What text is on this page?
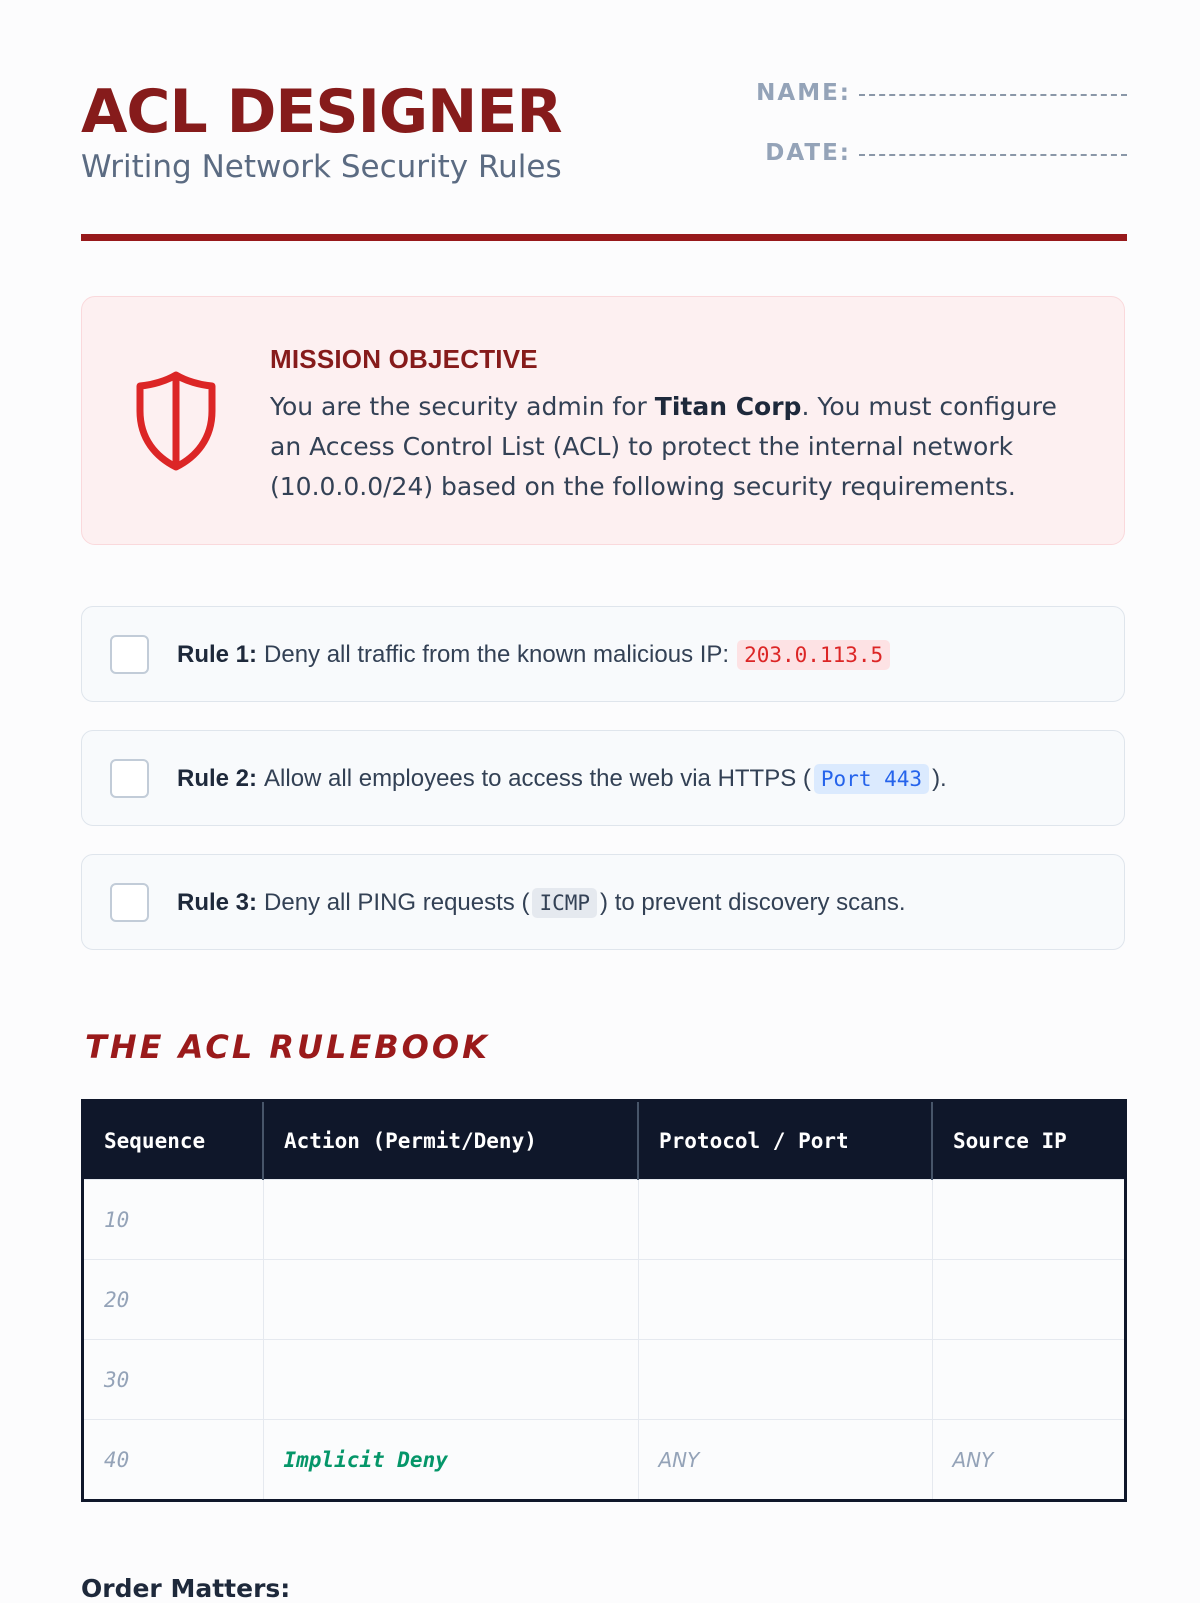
ACL DESIGNER
Writing Network Security Rules
NAME:
DATE:
MISSION OBJECTIVE
You are the security admin for Titan Corp. You must configure an Access Control List (ACL) to protect the internal network (10.0.0.0/24) based on the following security requirements.
Rule 1: Deny all traffic from the known malicious IP: 203.0.113.5
Rule 2: Allow all employees to access the web via HTTPS ( Port 443 ).
Rule 3: Deny all PING requests ( ICMP ) to prevent discovery scans.
THE ACL RULEBOOK
Sequence	Action (Permit/Deny)	Protocol / Port	Source IP
10			
20			
30			
40	Implicit Deny	ANY	ANY
Order Matters:
